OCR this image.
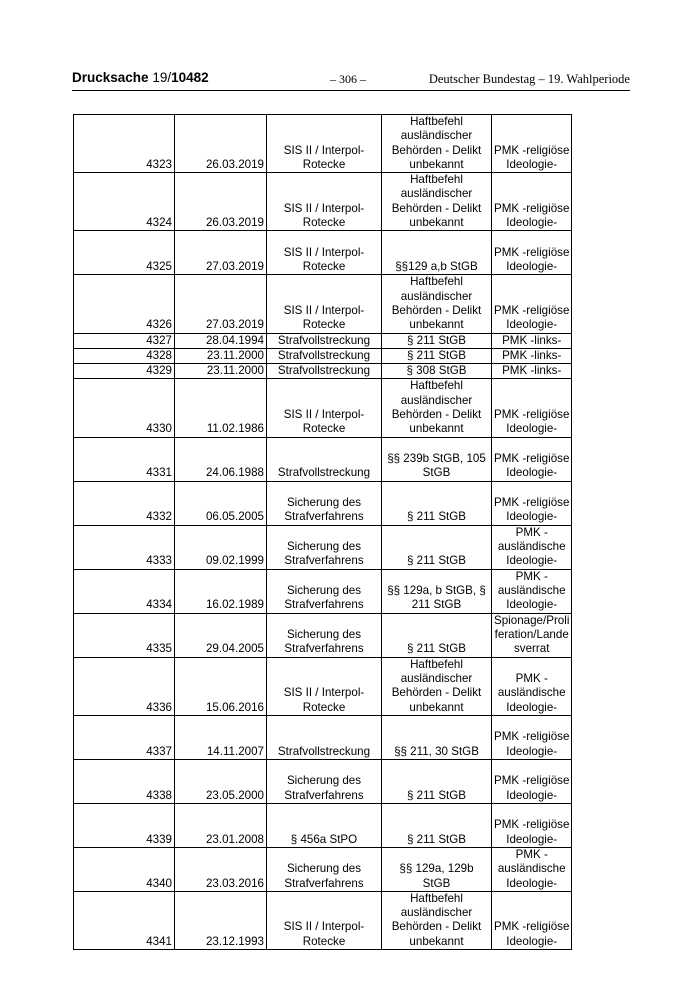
Drucksache 19/10482	– 306 –	Deutscher Bundestag – 19. Wahlperiode
4323	26.03.2019	SIS II / Interpol-
Rotecke	Haftbefehl
ausländischer
Behörden - Delikt
unbekannt	PMK -religiöse
Ideologie-
4324	26.03.2019	SIS II / Interpol-
Rotecke	Haftbefehl
ausländischer
Behörden - Delikt
unbekannt	PMK -religiöse
Ideologie-
4325	27.03.2019	SIS II / Interpol-
Rotecke	§§129 a,b StGB	PMK -religiöse
Ideologie-
4326	27.03.2019	SIS II / Interpol-
Rotecke	Haftbefehl
ausländischer
Behörden - Delikt
unbekannt	PMK -religiöse
Ideologie-
4327	28.04.1994	Strafvollstreckung	§ 211 StGB	PMK -links-
4328	23.11.2000	Strafvollstreckung	§ 211 StGB	PMK -links-
4329	23.11.2000	Strafvollstreckung	§ 308 StGB	PMK -links-
4330	11.02.1986	SIS II / Interpol-
Rotecke	Haftbefehl
ausländischer
Behörden - Delikt
unbekannt	PMK -religiöse
Ideologie-
4331	24.06.1988	Strafvollstreckung	§§ 239b StGB, 105
StGB	PMK -religiöse
Ideologie-
4332	06.05.2005	Sicherung des
Strafverfahrens	§ 211 StGB	PMK -religiöse
Ideologie-
4333	09.02.1999	Sicherung des
Strafverfahrens	§ 211 StGB	PMK -
ausländische
Ideologie-
4334	16.02.1989	Sicherung des
Strafverfahrens	§§ 129a, b StGB, §
211 StGB	PMK -
ausländische
Ideologie-
4335	29.04.2005	Sicherung des
Strafverfahrens	§ 211 StGB	Spionage/Proli
feration/Lande
sverrat
4336	15.06.2016	SIS II / Interpol-
Rotecke	Haftbefehl
ausländischer
Behörden - Delikt
unbekannt	PMK -
ausländische
Ideologie-
4337	14.11.2007	Strafvollstreckung	§§ 211, 30 StGB	PMK -religiöse
Ideologie-
4338	23.05.2000	Sicherung des
Strafverfahrens	§ 211 StGB	PMK -religiöse
Ideologie-
4339	23.01.2008	§ 456a StPO	§ 211 StGB	PMK -religiöse
Ideologie-
4340	23.03.2016	Sicherung des
Strafverfahrens	§§ 129a, 129b StGB	PMK -
ausländische
Ideologie-
4341	23.12.1993	SIS II / Interpol-
Rotecke	Haftbefehl
ausländischer
Behörden - Delikt
unbekannt	PMK -religiöse
Ideologie-
